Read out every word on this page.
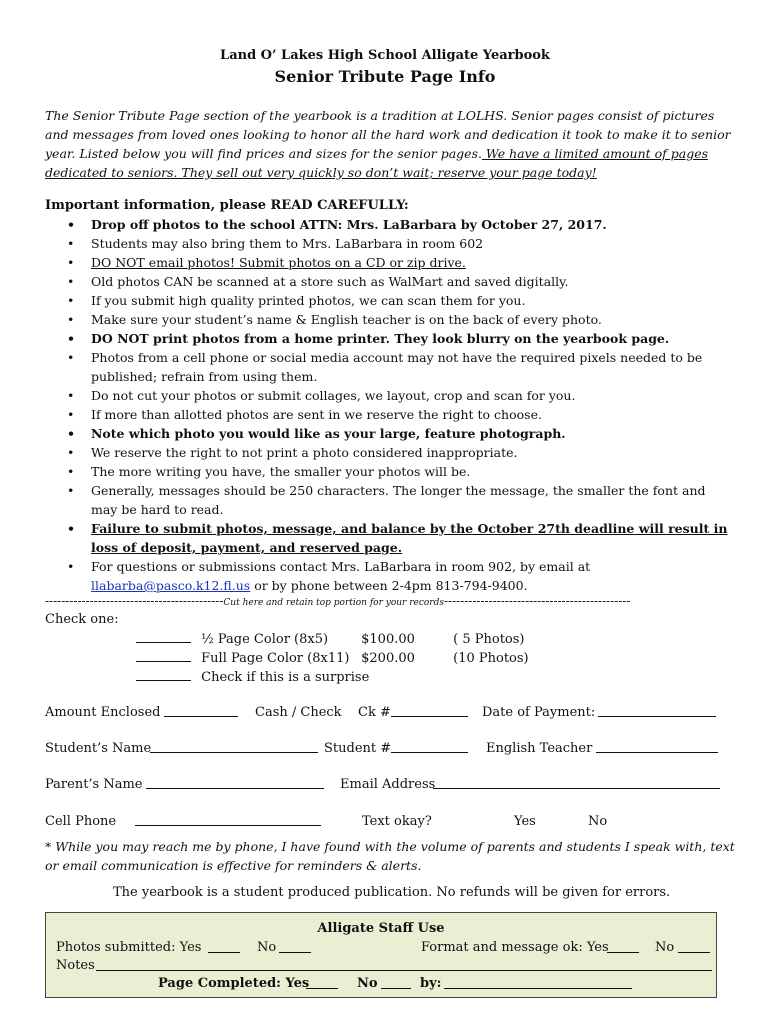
Land O’ Lakes High School Alligate Yearbook
Senior Tribute Page Info
The Senior Tribute Page section of the yearbook is a tradition at LOLHS. Senior pages consist of pictures and messages from loved ones looking to honor all the hard work and dedication it took to make it to senior year. Listed below you will find prices and sizes for the senior pages. We have a limited amount of pages dedicated to seniors. They sell out very quickly so don’t wait; reserve your page today!
Important information, please READ CAREFULLY:
• Drop off photos to the school ATTN: Mrs. LaBarbara by October 27, 2017.
• Students may also bring them to Mrs. LaBarbara in room 602
• DO NOT email photos! Submit photos on a CD or zip drive.
• Old photos CAN be scanned at a store such as WalMart and saved digitally.
• If you submit high quality printed photos, we can scan them for you.
• Make sure your student’s name & English teacher is on the back of every photo.
• DO NOT print photos from a home printer. They look blurry on the yearbook page.
• Photos from a cell phone or social media account may not have the required pixels needed to be published; refrain from using them.
• Do not cut your photos or submit collages, we layout, crop and scan for you.
• If more than allotted photos are sent in we reserve the right to choose.
• Note which photo you would like as your large, feature photograph.
• We reserve the right to not print a photo considered inappropriate.
• The more writing you have, the smaller your photos will be.
• Generally, messages should be 250 characters. The longer the message, the smaller the font and may be hard to read.
• Failure to submit photos, message, and balance by the October 27th deadline will result in loss of deposit, payment, and reserved page.
• For questions or submissions contact Mrs. LaBarbara in room 902, by email at
llabarba@pasco.k12.fl.us or by phone between 2-4pm 813-794-9400.
--------------------------------------------Cut here and retain top portion for your records----------------------------------------------
Check one:
½ Page Color (8x5)	$100.00	( 5 Photos)
Full Page Color (8x11) $200.00	(10 Photos)
Check if this is a surprise
Amount Enclosed	Cash / Check Ck #	Date of Payment:
Student’s Name	Student #	English Teacher
Parent’s Name	Email Address
Cell Phone	Text okay?	Yes	No
* While you may reach me by phone, I have found with the volume of parents and students I speak with, text or email communication is effective for reminders & alerts.
The yearbook is a student produced publication. No refunds will be given for errors.
Alligate Staff Use
Photos submitted: Yes	No	Format and message ok: Yes	No
Notes
Page Completed: Yes	No	by:
